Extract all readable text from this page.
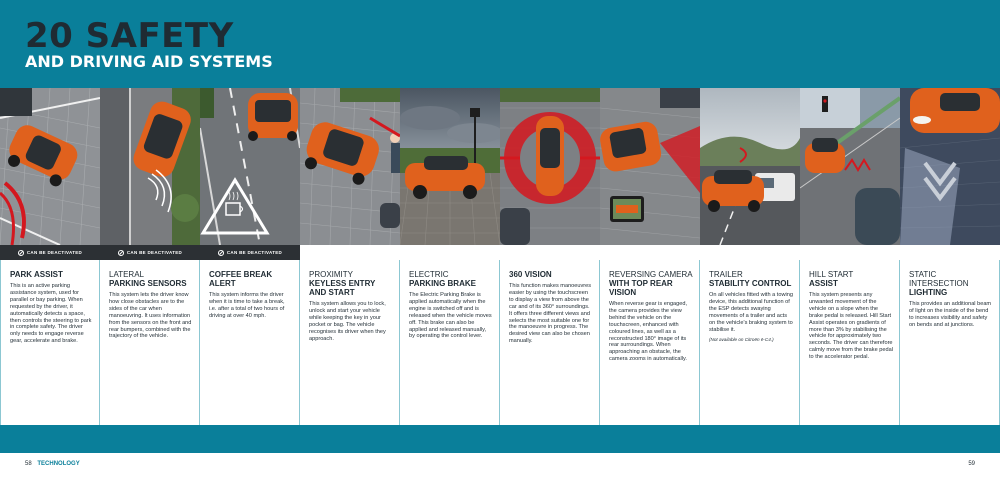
20 SAFETY
AND DRIVING AID SYSTEMS
CAN BE DEACTIVATED	CAN BE DEACTIVATED	CAN BE DEACTIVATED
PARK ASSIST
This is an active parking assistance system, used for parallel or bay parking. When requested by the driver, it automatically detects a space, then controls the steering to park in complete safety. The driver only needs to engage reverse gear, accelerate and brake.
LATERAL
PARKING SENSORS
This system lets the driver know how close obstacles are to the sides of the car when manoeuvring. It uses information from the sensors on the front and rear bumpers, combined with the trajectory of the vehicle.
COFFEE BREAK ALERT
This system informs the driver when it is time to take a break, i.e. after a total of two hours of driving at over 40 mph.
PROXIMITY
KEYLESS ENTRY AND START
This system allows you to lock, unlock and start your vehicle while keeping the key in your pocket or bag. The vehicle recognises its driver when they approach.
ELECTRIC
PARKING BRAKE
The Electric Parking Brake is applied automatically when the engine is switched off and is released when the vehicle moves off. This brake can also be applied and released manually, by operating the control lever.
360 VISION
This function makes manoeuvres easier by using the touchscreen to display a view from above the car and of its 360° surroundings. It offers three different views and selects the most suitable one for the manoeuvre in progress. The desired view can also be chosen manually.
REVERSING CAMERA
WITH TOP REAR VISION
When reverse gear is engaged, the camera provides the view behind the vehicle on the touchscreen, enhanced with coloured lines, as well as a reconstructed 180° image of its rear surroundings. When approaching an obstacle, the camera zooms in automatically.
TRAILER
STABILITY CONTROL
On all vehicles fitted with a towing device, this additional function of the ESP detects swaying movements of a trailer and acts on the vehicle's braking system to stabilise it.
(Not available on Citroën ë-C4.)
HILL START
ASSIST
This system presents any unwanted movement of the vehicle on a slope when the brake pedal is released. Hill Start Assist operates on gradients of more than 3% by stabilising the vehicle for approximately two seconds. The driver can therefore calmly move from the brake pedal to the accelerator pedal.
STATIC INTERSECTION
LIGHTING
This provides an additional beam of light on the inside of the bend to increases visibility and safety on bends and at junctions.
58 TECHNOLOGY	59
